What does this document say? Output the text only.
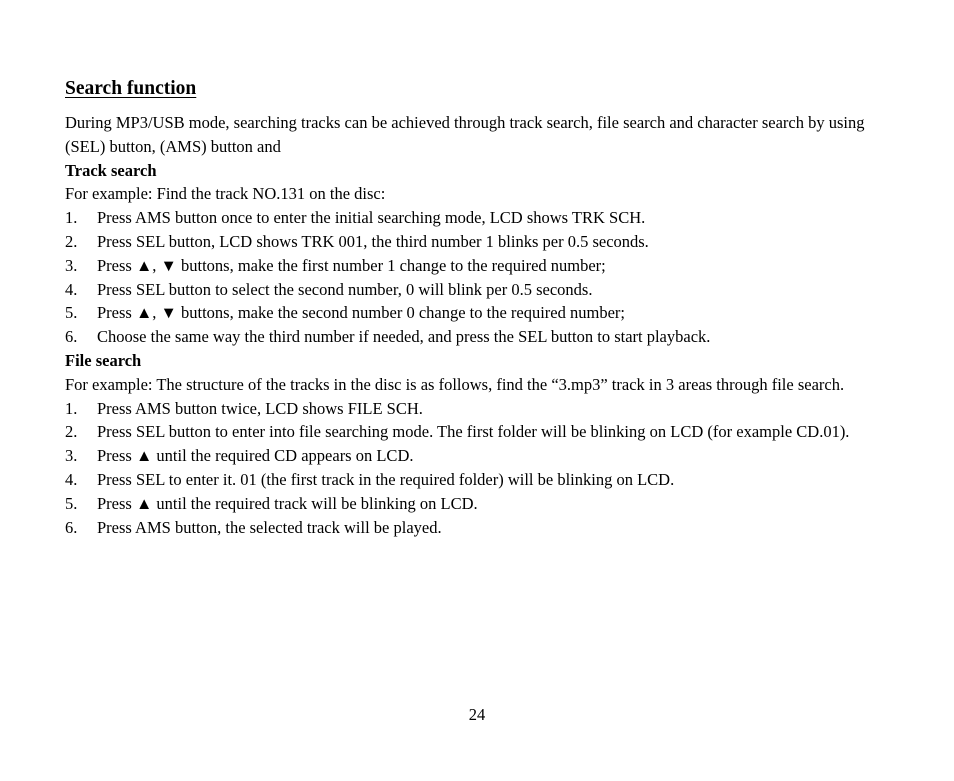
Search function

During MP3/USB mode, searching tracks can be achieved through track search, file search and character search by using (SEL) button, (AMS) button and

Track search

For example: Find the track NO.131 on the disc:

1.	Press AMS button once to enter the initial searching mode, LCD shows TRK SCH.
2.	Press SEL button, LCD shows TRK 001, the third number 1 blinks per 0.5 seconds.
3.	Press ▲, ▼ buttons, make the first number 1 change to the required number;
4.	Press SEL button to select the second number, 0 will blink per 0.5 seconds.
5.	Press ▲, ▼ buttons, make the second number 0 change to the required number;
6.	Choose the same way the third number if needed, and press the SEL button to start playback.

File search

For example: The structure of the tracks in the disc is as follows, find the “3.mp3” track in 3 areas through file search.

1.	Press AMS button twice, LCD shows FILE SCH.
2.	Press SEL button to enter into file searching mode. The first folder will be blinking on LCD (for example CD.01).
3.	Press ▲ until the required CD appears on LCD.
4.	Press SEL to enter it. 01 (the first track in the required folder) will be blinking on LCD.
5.	Press ▲ until the required track will be blinking on LCD.
6.	Press AMS button, the selected track will be played.
24
